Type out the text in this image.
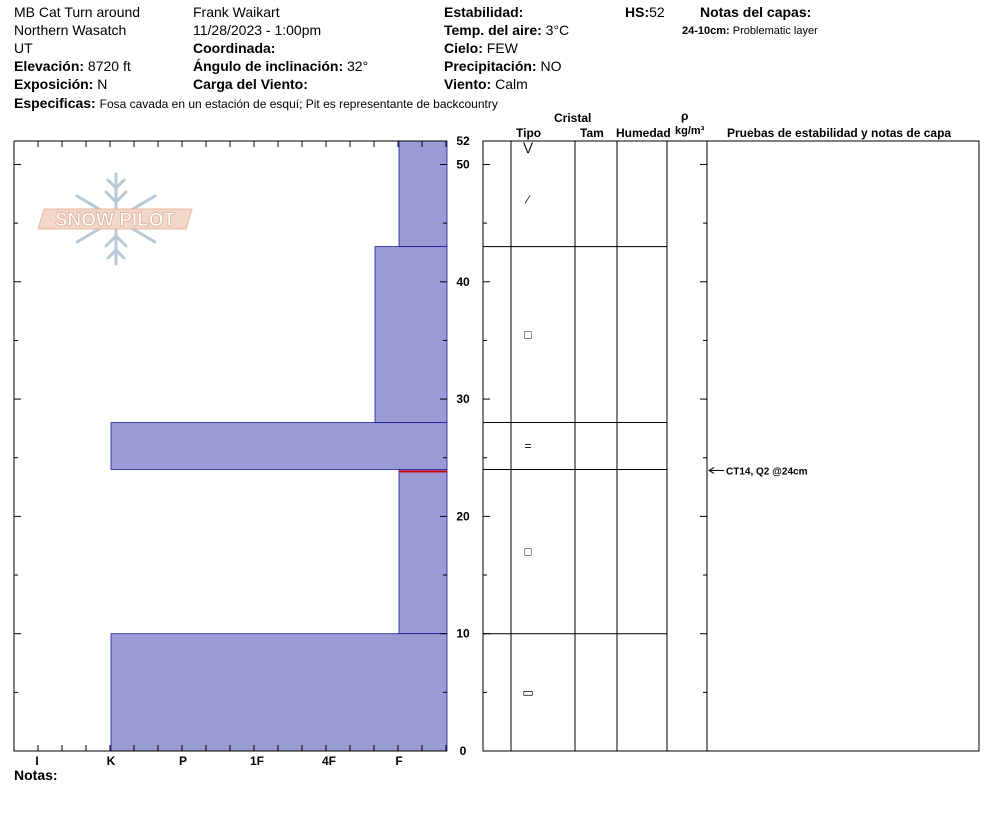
MB Cat Turn around
Northern Wasatch
UT
Elevación: 8720 ft
Exposición: N
Frank Waikart
11/28/2023 - 1:00pm
Coordinada:
Ángulo de inclinación: 32°
Carga del Viento:
Estabilidad:
Temp. del aire: 3°C
Cielo: FEW
Precipitación: NO
Viento: Calm
HS:52	Notas del capas:
24-10cm: Problematic layer
Especificas: Fosa cavada en un estación de esquí; Pit es representante de backcountry
Notas:
Cristal
Tipo	Tam Humedad
ρ
kg/m³ Pruebas de estabilidad y notas de capa
SNOW PILOT
0
10
20
30
40
50
52
I	K	P	1F	4F	F
⋁
∕
□
=
□
▭
CT14, Q2 @24cm
